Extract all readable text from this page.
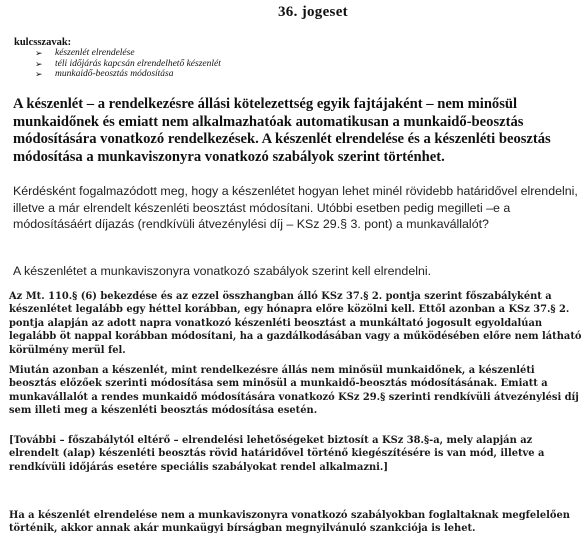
36. jogeset
kulcsszavak:
➢	készenlét elrendelése
➢	téli időjárás kapcsán elrendelhető készenlét
➢	munkaidő-beosztás módosítása

A készenlét – a rendelkezésre állási kötelezettség egyik fajtájaként – nem minősül munkaidőnek és emiatt nem alkalmazhatóak automatikusan a munkaidő-beosztás módosítására vonatkozó rendelkezések. A készenlét elrendelése és a készenléti beosztás módosítása a munkaviszonyra vonatkozó szabályok szerint történhet.

Kérdésként fogalmazódott meg, hogy a készenlétet hogyan lehet minél rövidebb határidővel elrendelni, illetve a már elrendelt készenléti beosztást módosítani. Utóbbi esetben pedig megilleti –e a módosításáért díjazás (rendkívüli átvezénylési díj – KSz 29.§ 3. pont) a munkavállalót?

A készenlétet a munkaviszonyra vonatkozó szabályok szerint kell elrendelni.

Az Mt. 110.§ (6) bekezdése és az ezzel összhangban álló KSz 37.§ 2. pontja szerint főszabályként a készenlétet legalább egy héttel korábban, egy hónapra előre közölni kell. Ettől azonban a KSz 37.§ 2. pontja alapján az adott napra vonatkozó készenléti beosztást a munkáltató jogosult egyoldalúan legalább öt nappal korábban módosítani, ha a gazdálkodásában vagy a működésében előre nem látható körülmény merül fel.

Miután azonban a készenlét, mint rendelkezésre állás nem minősül munkaidőnek, a készenléti beosztás előzőek szerinti módosítása sem minősül a munkaidő-beosztás módosításának. Emiatt a munkavállalót a rendes munkaidő módosítására vonatkozó KSz 29.§ szerinti rendkívüli átvezénylési díj sem illeti meg a készenléti beosztás módosítása esetén.

[További – főszabálytól eltérő – elrendelési lehetőségeket biztosít a KSz 38.§-a, mely alapján az elrendelt (alap) készenléti beosztás rövid határidővel történő kiegészítésére is van mód, illetve a rendkívüli időjárás esetére speciális szabályokat rendel alkalmazni.]

Ha a készenlét elrendelése nem a munkaviszonyra vonatkozó szabályokban foglaltaknak megfelelően történik, akkor annak akár munkaügyi bírságban megnyilvánuló szankciója is lehet.
